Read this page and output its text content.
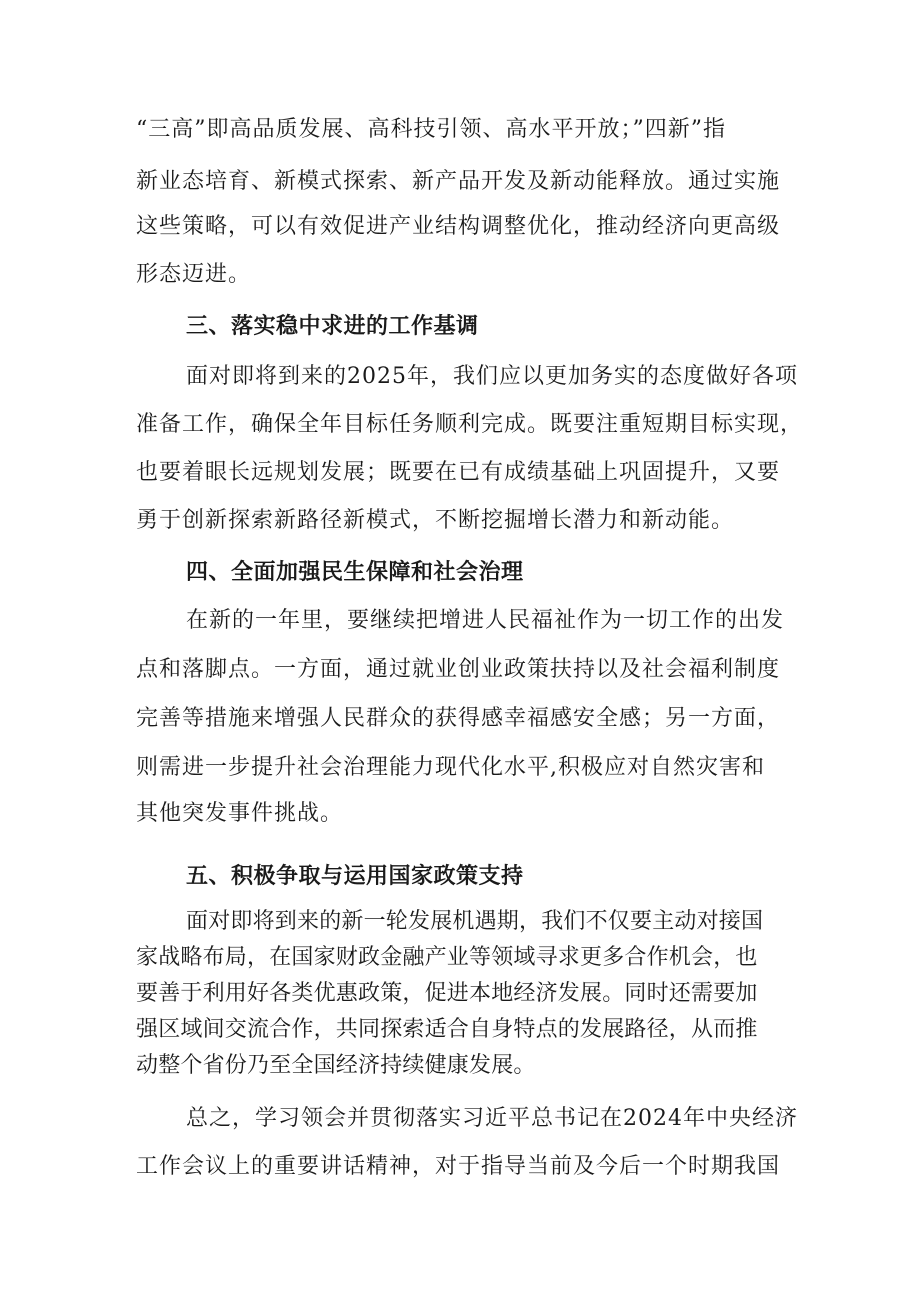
“三高”即高品质发展、高科技引领、高水平开放；”四新”指
新业态培育、新模式探索、新产品开发及新动能释放。通过实施
这些策略，可以有效促进产业结构调整优化，推动经济向更高级
形态迈进。
三、落实稳中求进的工作基调
面对即将到来的2025年，我们应以更加务实的态度做好各项
准备工作，确保全年目标任务顺利完成。既要注重短期目标实现，
也要着眼长远规划发展；既要在已有成绩基础上巩固提升，又要
勇于创新探索新路径新模式，不断挖掘增长潜力和新动能。
四、全面加强民生保障和社会治理
在新的一年里，要继续把增进人民福祉作为一切工作的出发
点和落脚点。一方面，通过就业创业政策扶持以及社会福利制度
完善等措施来增强人民群众的获得感幸福感安全感；另一方面，
则需进一步提升社会治理能力现代化水平,积极应对自然灾害和
其他突发事件挑战。
五、积极争取与运用国家政策支持
面对即将到来的新一轮发展机遇期，我们不仅要主动对接国
家战略布局，在国家财政金融产业等领域寻求更多合作机会，也
要善于利用好各类优惠政策，促进本地经济发展。同时还需要加
强区域间交流合作，共同探索适合自身特点的发展路径，从而推
动整个省份乃至全国经济持续健康发展。
总之，学习领会并贯彻落实习近平总书记在2024年中央经济
工作会议上的重要讲话精神，对于指导当前及今后一个时期我国
